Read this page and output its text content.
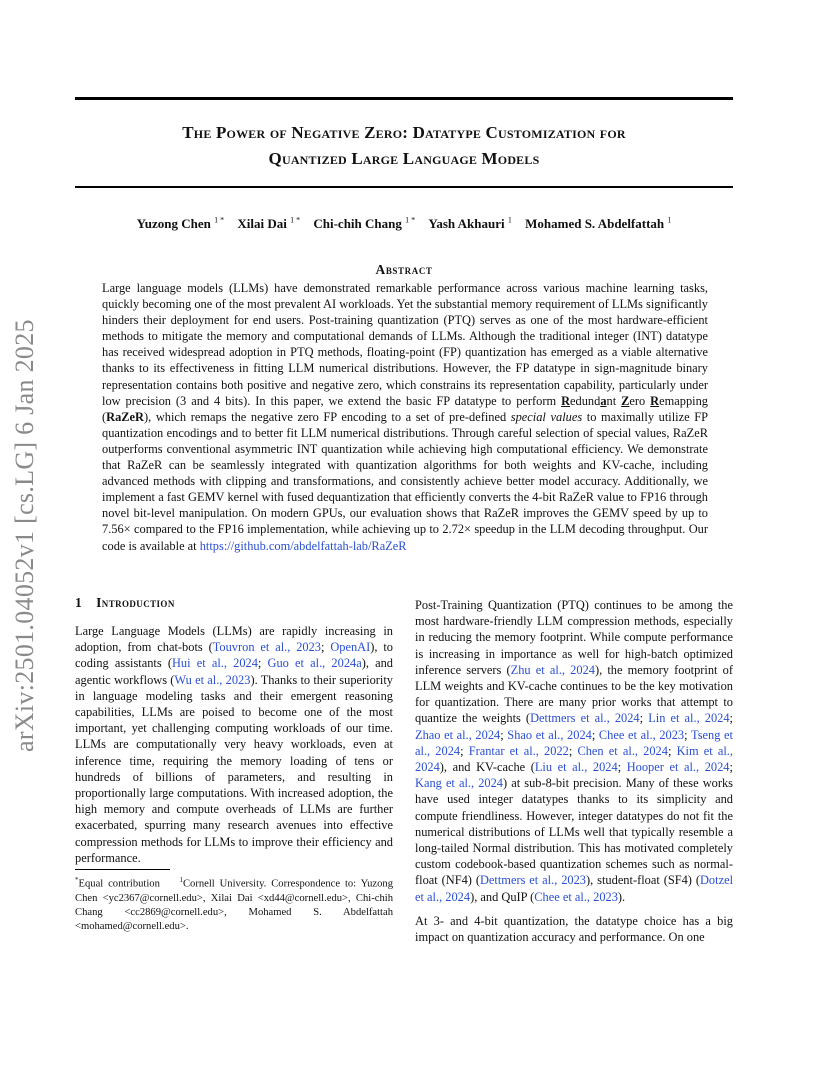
The Power of Negative Zero: Datatype Customization for
Quantized Large Language Models
Yuzong Chen $^{1 *}$ Xilai Dai $^{1 *}$ Chi-chih Chang $^{1 *}$ Yash Akhauri $^1$ Mohamed S. Abdelfattah $^1$
arXiv:2501.04052v1 [cs.LG] 6 Jan 2025
Abstract
Large language models (LLMs) have demonstrated remarkable performance across various machine learning tasks, quickly becoming one of the most prevalent AI workloads. Yet the substantial memory requirement of LLMs significantly hinders their deployment for end users. Post-training quantization (PTQ) serves as one of the most hardware-efficient methods to mitigate the memory and computational demands of LLMs. Although the traditional integer (INT) datatype has received widespread adoption in PTQ methods, floating-point (FP) quantization has emerged as a viable alternative thanks to its effectiveness in fitting LLM numerical distributions. However, the FP datatype in sign-magnitude binary representation contains both positive and negative zero, which constrains its representation capability, particularly under low precision (3 and 4 bits). In this paper, we extend the basic FP datatype to perform Redundant Zero Remapping (RaZeR), which remaps the negative zero FP encoding to a set of pre-defined special values to maximally utilize FP quantization encodings and to better fit LLM numerical distributions. Through careful selection of special values, RaZeR outperforms conventional asymmetric INT quantization while achieving high computational efficiency. We demonstrate that RaZeR can be seamlessly integrated with quantization algorithms for both weights and KV-cache, including advanced methods with clipping and transformations, and consistently achieve better model accuracy. Additionally, we implement a fast GEMV kernel with fused dequantization that efficiently converts the 4-bit RaZeR value to FP16 through novel bit-level manipulation. On modern GPUs, our evaluation shows that RaZeR improves the GEMV speed by up to 7.56× compared to the FP16 implementation, while achieving up to 2.72× speedup in the LLM decoding throughput. Our code is available at https://github.com/abdelfattah-lab/RaZeR
1 Introduction
Large Language Models (LLMs) are rapidly increasing in adoption, from chat-bots (Touvron et al., 2023; OpenAI), to coding assistants (Hui et al., 2024; Guo et al., 2024a), and agentic workflows (Wu et al., 2023). Thanks to their superiority in language modeling tasks and their emergent reasoning capabilities, LLMs are poised to become one of the most important, yet challenging computing workloads of our time. LLMs are computationally very heavy workloads, even at inference time, requiring the memory loading of tens or hundreds of billions of parameters, and resulting in proportionally large computations. With increased adoption, the high memory and compute overheads of LLMs are further exacerbated, spurring many research avenues into effective compression methods for LLMs to improve their efficiency and performance.
*Equal contribution    $^1$Cornell University. Correspondence to: Yuzong Chen <yc2367@cornell.edu>, Xilai Dai <xd44@cornell.edu>, Chi-chih Chang <cc2869@cornell.edu>, Mohamed S. Abdelfattah <mohamed@cornell.edu>.

Post-Training Quantization (PTQ) continues to be among the most hardware-friendly LLM compression methods, especially in reducing the memory footprint. While compute performance is increasing in importance as well for high-batch optimized inference servers (Zhu et al., 2024), the memory footprint of LLM weights and KV-cache continues to be the key motivation for quantization. There are many prior works that attempt to quantize the weights (Dettmers et al., 2024; Lin et al., 2024; Zhao et al., 2024; Shao et al., 2024; Chee et al., 2023; Tseng et al., 2024; Frantar et al., 2022; Chen et al., 2024; Kim et al., 2024), and KV-cache (Liu et al., 2024; Hooper et al., 2024; Kang et al., 2024) at sub-8-bit precision. Many of these works have used integer datatypes thanks to its simplicity and compute friendliness. However, integer datatypes do not fit the numerical distributions of LLMs well that typically resemble a long-tailed Normal distribution. This has motivated completely custom codebook-based quantization schemes such as normal-float (NF4) (Dettmers et al., 2023), student-float (SF4) (Dotzel et al., 2024), and QuIP (Chee et al., 2023).

At 3- and 4-bit quantization, the datatype choice has a big impact on quantization accuracy and performance. On one
